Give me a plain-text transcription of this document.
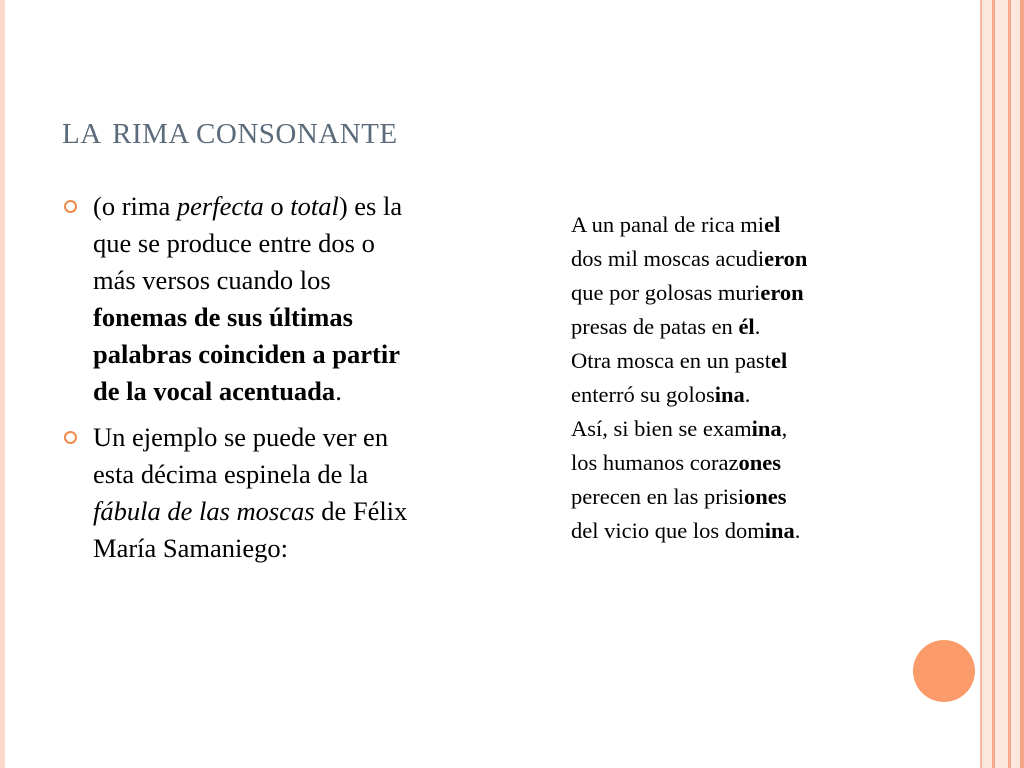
LA RIMA CONSONANTE
(o rima perfecta o total) es la que se produce entre dos o más versos cuando los fonemas de sus últimas palabras coinciden a partir de la vocal acentuada.
Un ejemplo se puede ver en esta décima espinela de la fábula de las moscas de Félix María Samaniego:
A un panal de rica miel
dos mil moscas acudieron
que por golosas murieron
presas de patas en él.
Otra mosca en un pastel
enterró su golosina.
Así, si bien se examina,
los humanos corazones
perecen en las prisiones
del vicio que los domina.
